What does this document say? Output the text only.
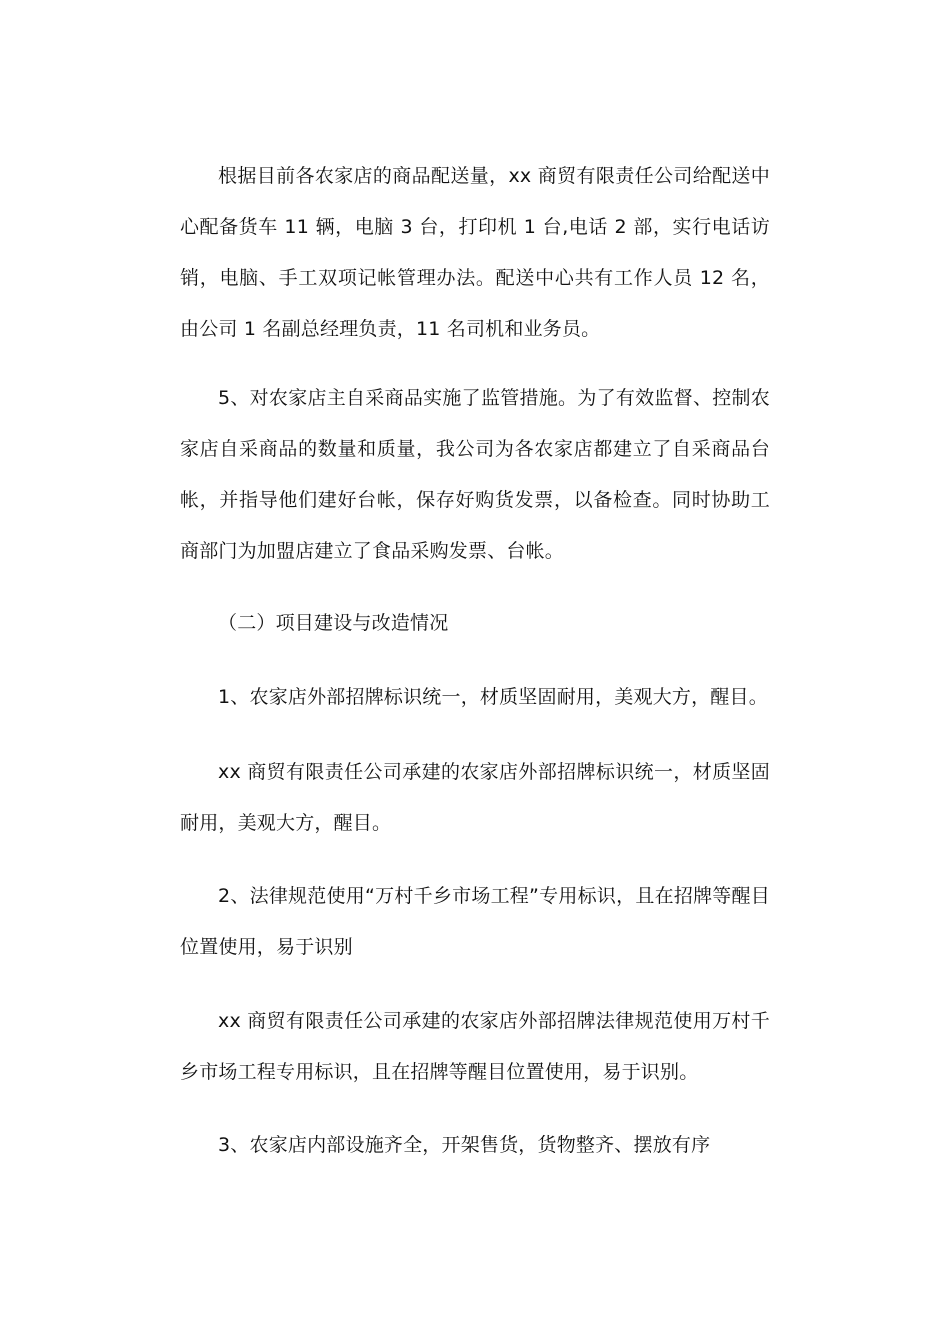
根据目前各农家店的商品配送量，xx 商贸有限责任公司给配送中心配备货车 11 辆，电脑 3 台，打印机 1 台,电话 2 部，实行电话访销，电脑、手工双项记帐管理办法。配送中心共有工作人员 12 名，由公司 1 名副总经理负责，11 名司机和业务员。

5、对农家店主自采商品实施了监管措施。为了有效监督、控制农家店自采商品的数量和质量，我公司为各农家店都建立了自采商品台帐，并指导他们建好台帐，保存好购货发票，以备检查。同时协助工商部门为加盟店建立了食品采购发票、台帐。

（二）项目建设与改造情况

1、农家店外部招牌标识统一，材质坚固耐用，美观大方，醒目。

xx 商贸有限责任公司承建的农家店外部招牌标识统一，材质坚固耐用，美观大方，醒目。

2、法律规范使用“万村千乡市场工程”专用标识，且在招牌等醒目位置使用，易于识别

xx 商贸有限责任公司承建的农家店外部招牌法律规范使用万村千乡市场工程专用标识，且在招牌等醒目位置使用，易于识别。

3、农家店内部设施齐全，开架售货，货物整齐、摆放有序
